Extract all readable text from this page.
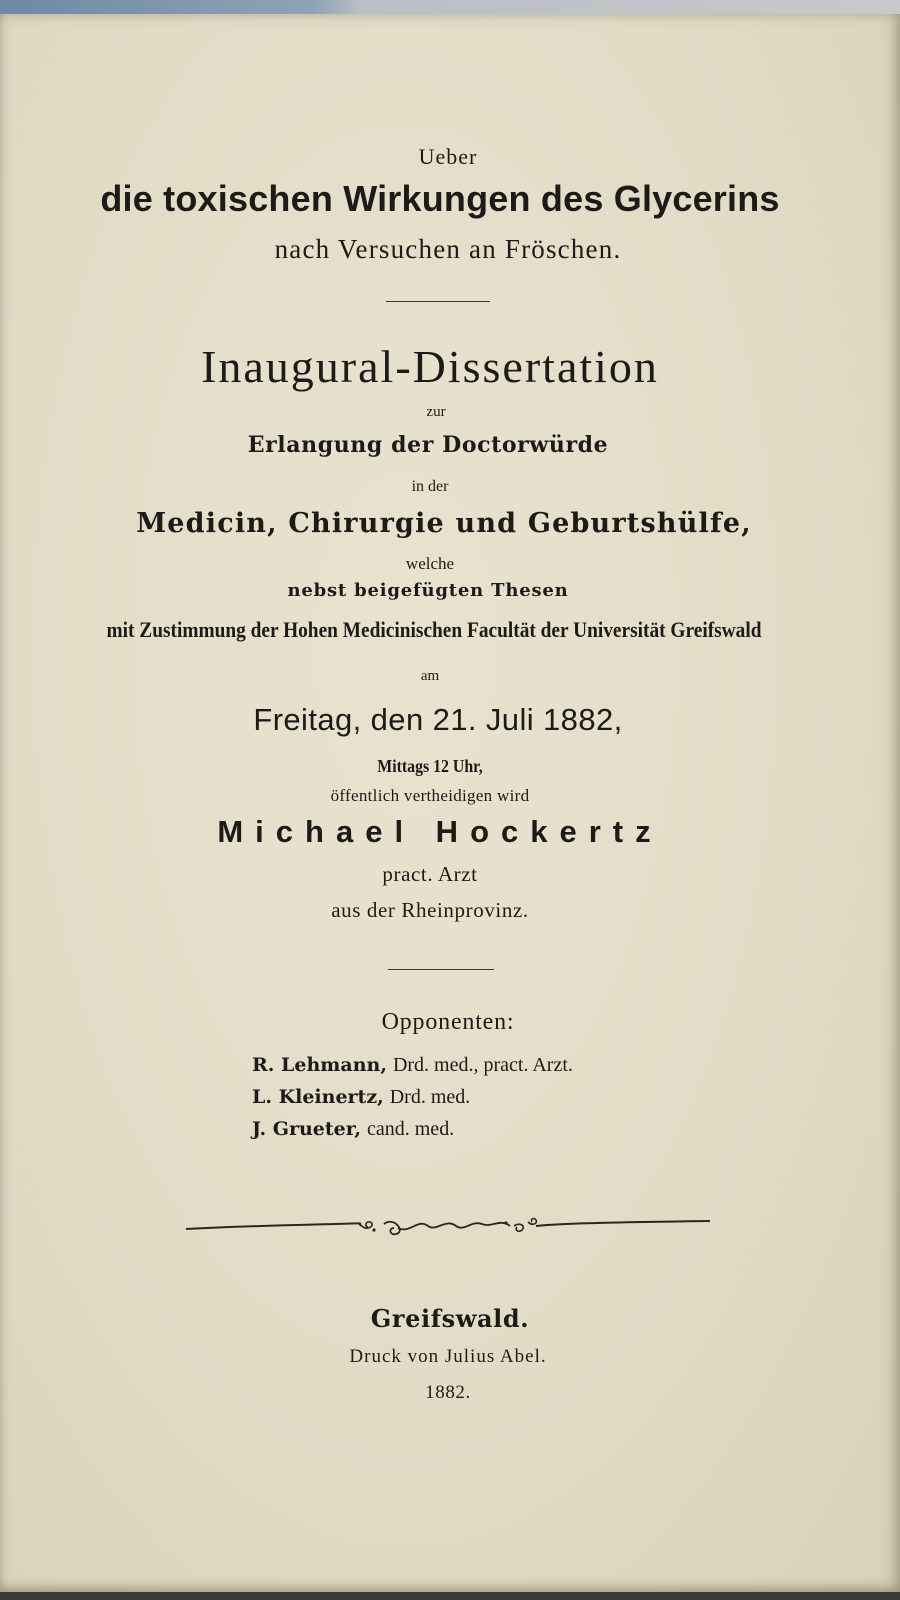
Ueber
die toxischen Wirkungen des Glycerins
nach Versuchen an Fröschen.
Inaugural-Dissertation
zur
Erlangung der Doctorwürde
in der
Medicin, Chirurgie und Geburtshülfe,
welche
nebst beigefügten Thesen
mit Zustimmung der Hohen Medicinischen Facultät der Universität Greifswald
am
Freitag, den 21. Juli 1882,
Mittags 12 Uhr,
öffentlich vertheidigen wird
Michael Hockertz
pract. Arzt
aus der Rheinprovinz.
Opponenten:
R. Lehmann, Drd. med., pract. Arzt.
L. Kleinertz, Drd. med.
J. Grueter, cand. med.
Greifswald.
Druck von Julius Abel.
1882.
